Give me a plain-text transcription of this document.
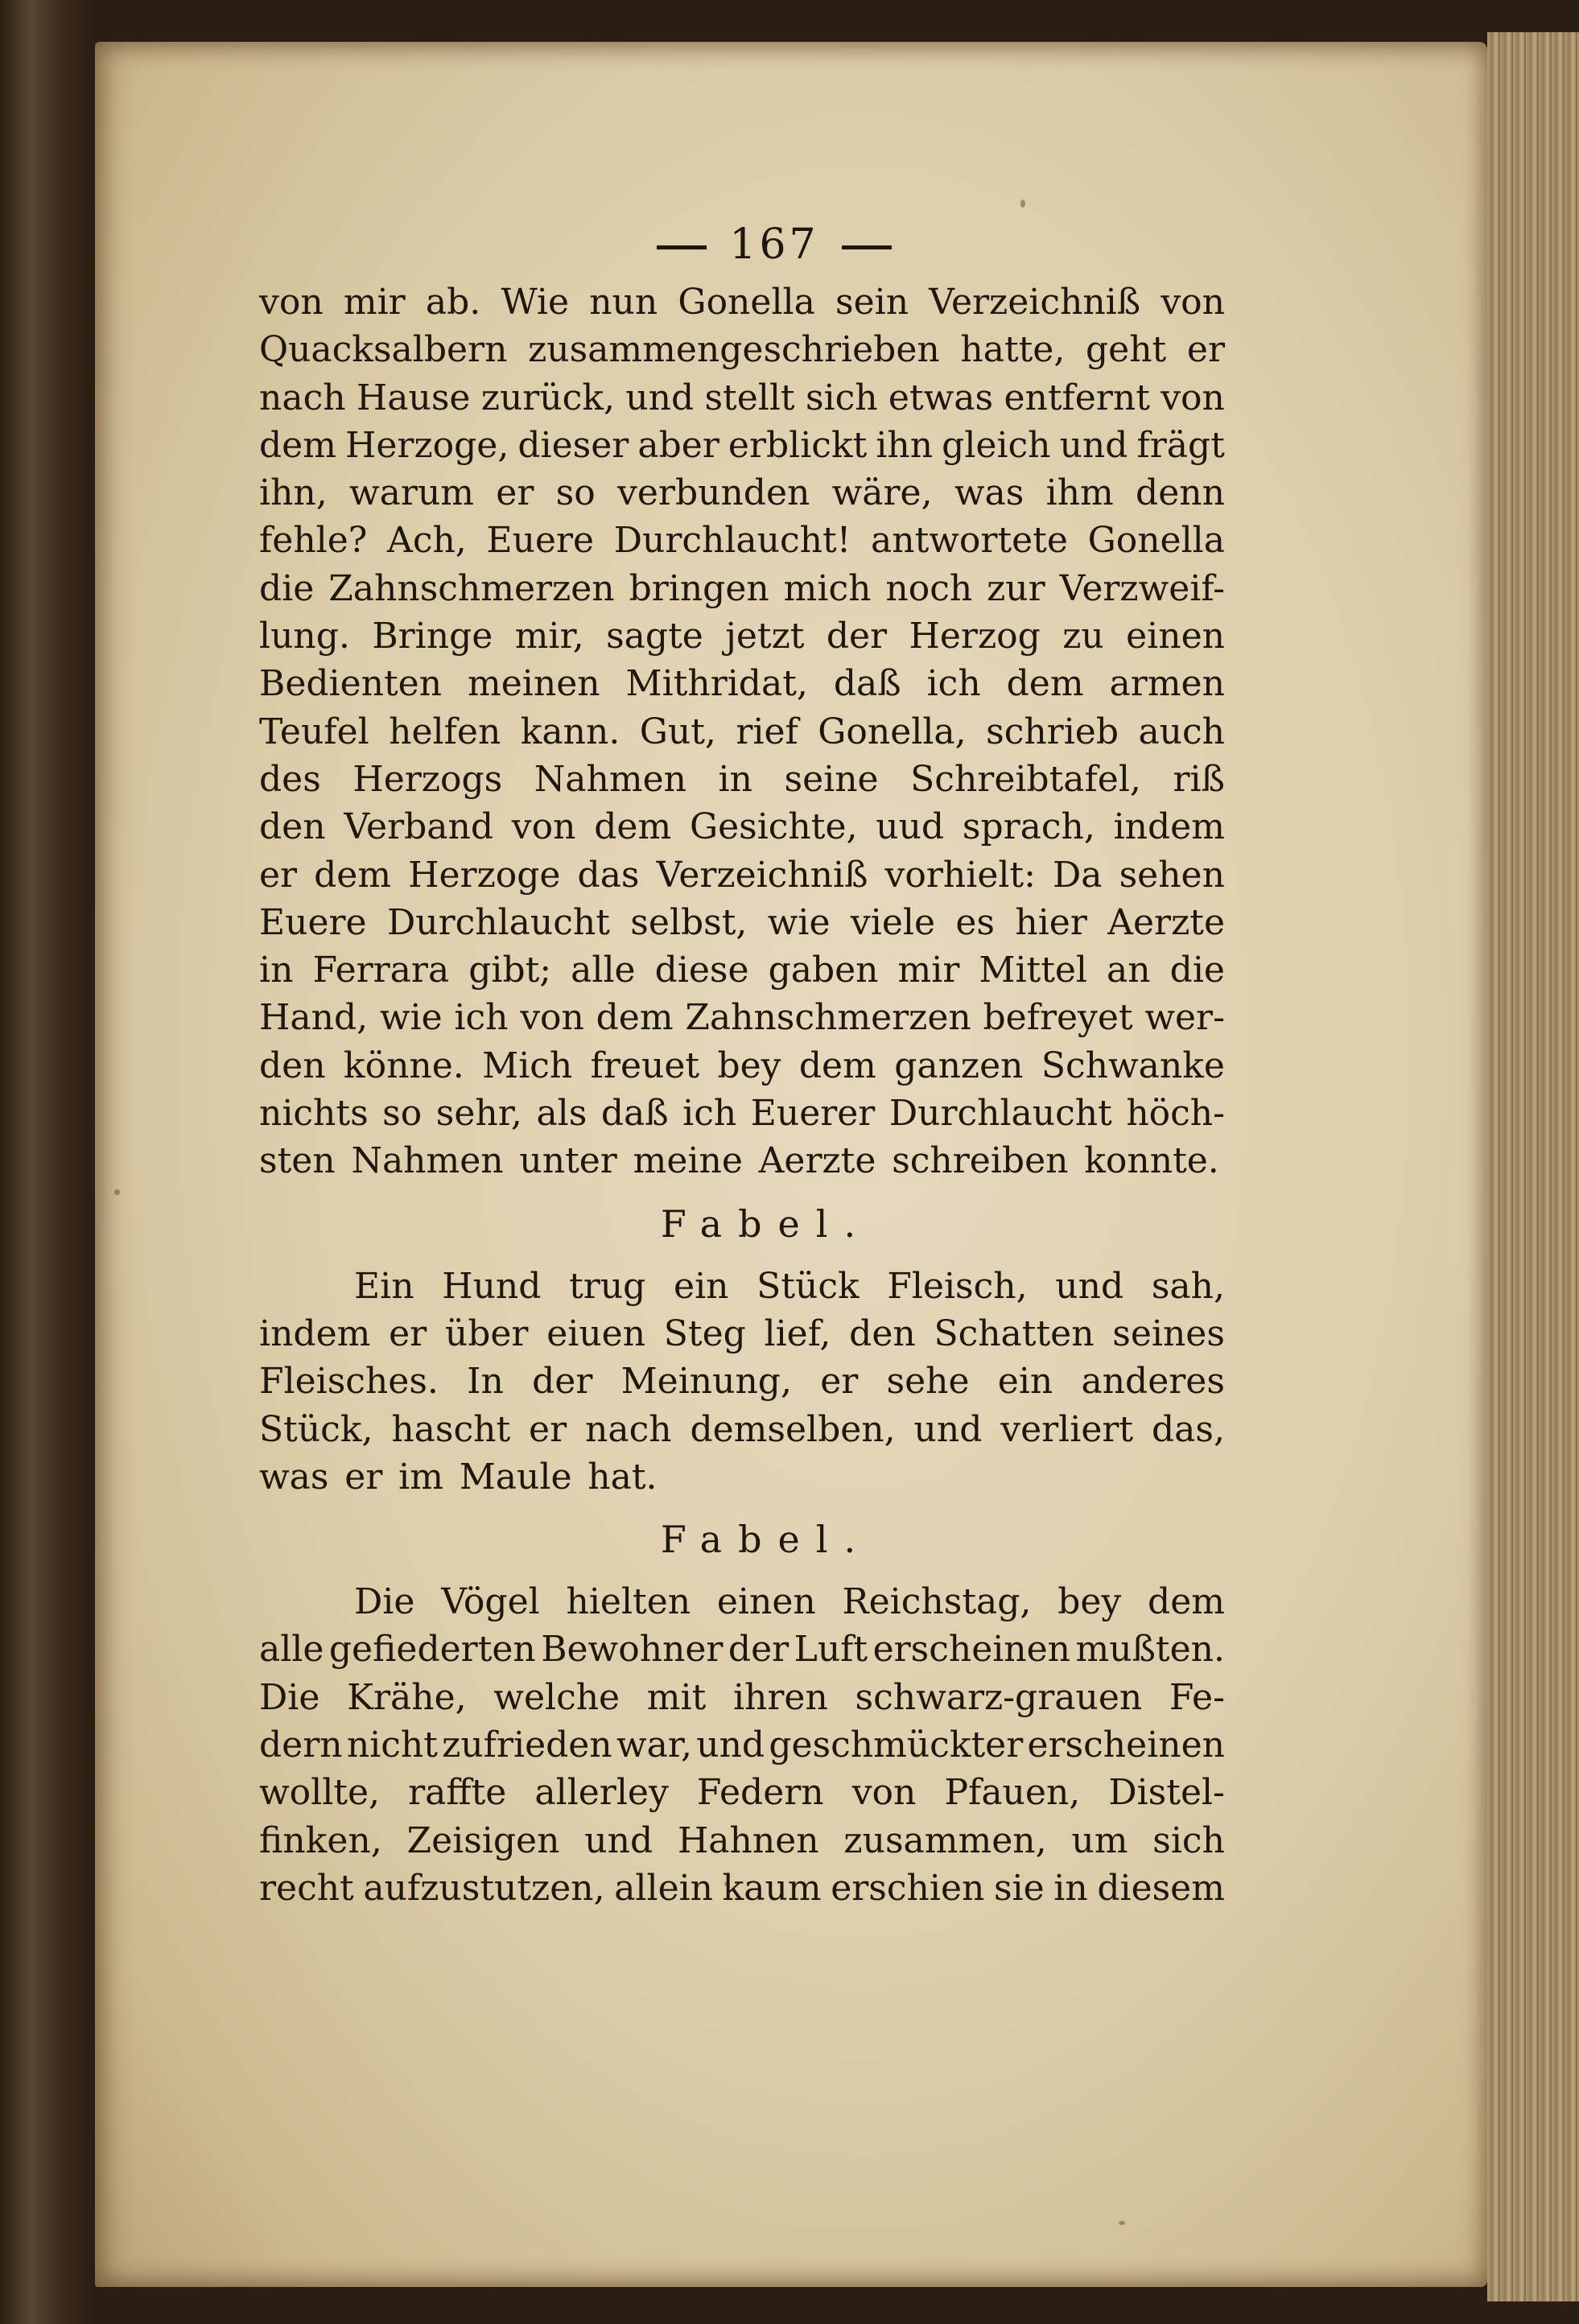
167
von mir ab. Wie nun Gonella sein Verzeichniß von
Quacksalbern zusammengeschrieben hatte, geht er
nach Hause zurück, und stellt sich etwas entfernt von
dem Herzoge, dieser aber erblickt ihn gleich und frägt
ihn, warum er so verbunden wäre, was ihm denn
fehle? Ach, Euere Durchlaucht! antwortete Gonella
die Zahnschmerzen bringen mich noch zur Verzweif-
lung. Bringe mir, sagte jetzt der Herzog zu einen
Bedienten meinen Mithridat, daß ich dem armen
Teufel helfen kann. Gut, rief Gonella, schrieb auch
des Herzogs Nahmen in seine Schreibtafel, riß
den Verband von dem Gesichte, uud sprach, indem
er dem Herzoge das Verzeichniß vorhielt: Da sehen
Euere Durchlaucht selbst, wie viele es hier Aerzte
in Ferrara gibt; alle diese gaben mir Mittel an die
Hand, wie ich von dem Zahnschmerzen befreyet wer-
den könne. Mich freuet bey dem ganzen Schwanke
nichts so sehr, als daß ich Euerer Durchlaucht höch-
sten Nahmen unter meine Aerzte schreiben konnte.
Fabel.
Ein Hund trug ein Stück Fleisch, und sah,
indem er über eiuen Steg lief, den Schatten seines
Fleisches. In der Meinung, er sehe ein anderes
Stück, hascht er nach demselben, und verliert das,
was er im Maule hat.
Fabel.
Die Vögel hielten einen Reichstag, bey dem
alle gefiederten Bewohner der Luft erscheinen mußten.
Die Krähe, welche mit ihren schwarz-grauen Fe-
dern nicht zufrieden war, und geschmückter erscheinen
wollte, raffte allerley Federn von Pfauen, Distel-
finken, Zeisigen und Hahnen zusammen, um sich
recht aufzustutzen, allein kaum erschien sie in diesem
